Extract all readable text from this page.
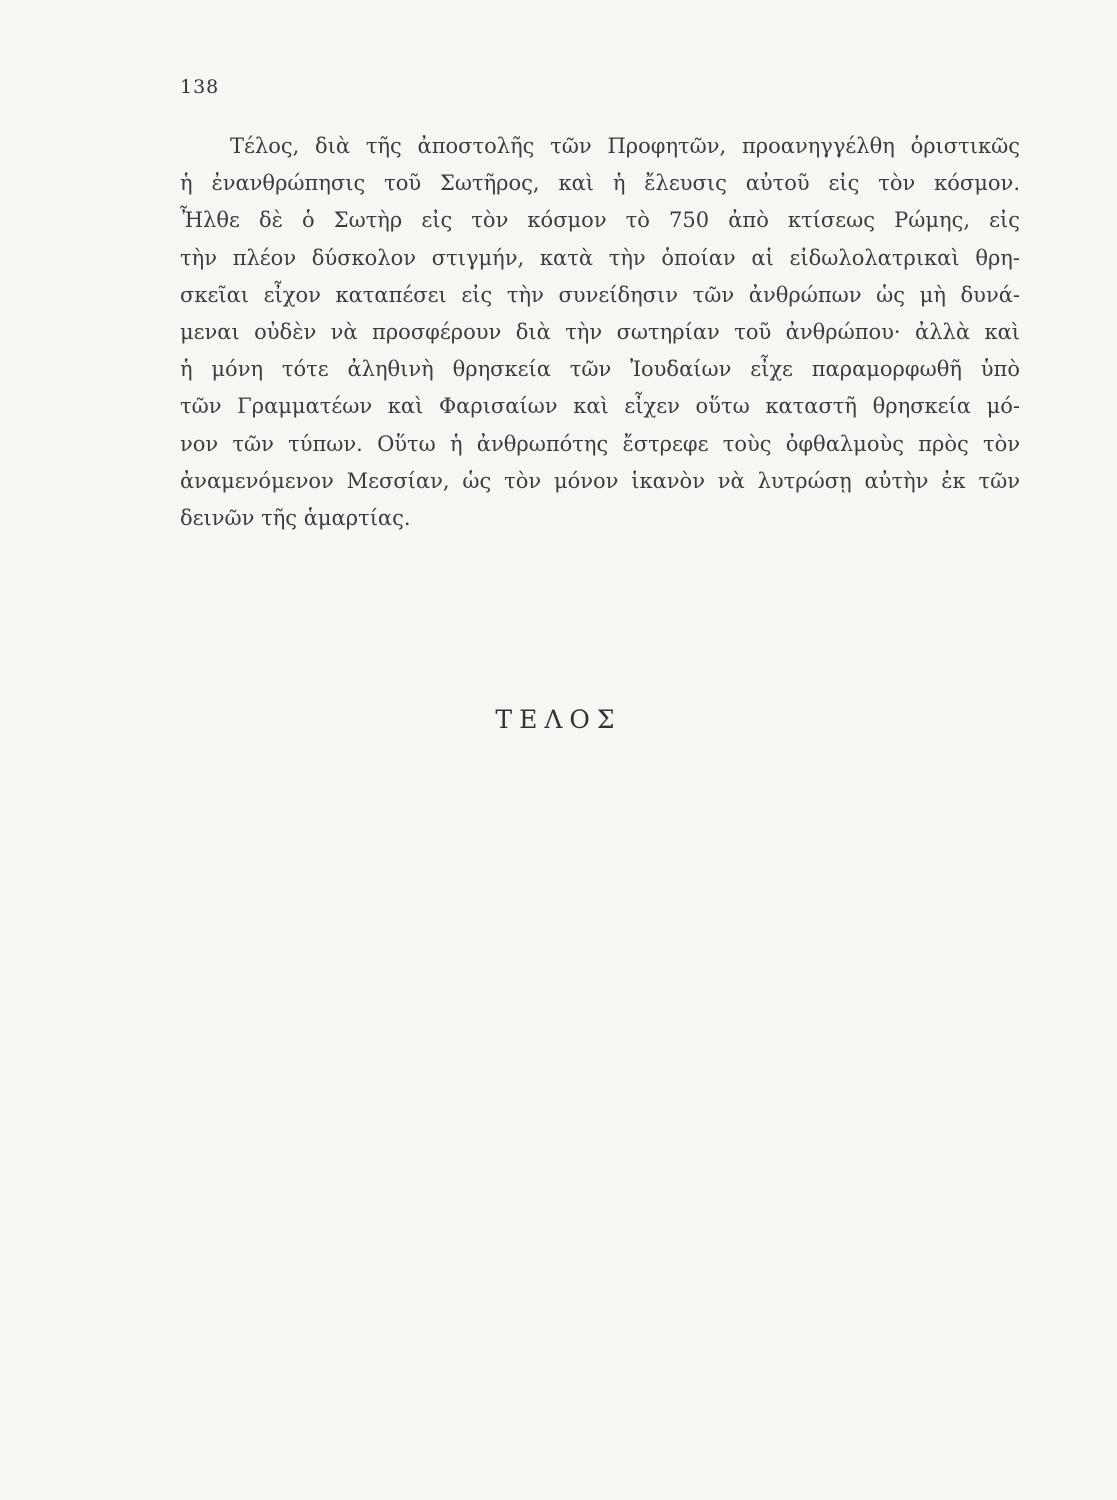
138
Τέλος, διὰ τῆς ἀποστολῆς τῶν Προφητῶν, προανηγγέλθη ὁριστικῶς
ἡ ἐνανθρώπησις τοῦ Σωτῆρος, καὶ ἡ ἔλευσις αὐτοῦ εἰς τὸν κόσμον.
Ἦλθε δὲ ὁ Σωτὴρ εἰς τὸν κόσμον τὸ 750 ἀπὸ κτίσεως Ρώμης, εἰς
τὴν πλέον δύσκολον στιγμήν, κατὰ τὴν ὁποίαν αἱ εἰδωλολατρικαὶ θρη-
σκεῖαι εἶχον καταπέσει εἰς τὴν συνείδησιν τῶν ἀνθρώπων ὡς μὴ δυνά-
μεναι οὐδὲν νὰ προσφέρουν διὰ τὴν σωτηρίαν τοῦ ἀνθρώπου· ἀλλὰ καὶ
ἡ μόνη τότε ἀληθινὴ θρησκεία τῶν Ἰουδαίων εἶχε παραμορφωθῆ ὑπὸ
τῶν Γραμματέων καὶ Φαρισαίων καὶ εἶχεν οὕτω καταστῆ θρησκεία μό-
νον τῶν τύπων. Οὕτω ἡ ἀνθρωπότης ἔστρεφε τοὺς ὀφθαλμοὺς πρὸς τὸν
ἀναμενόμενον Μεσσίαν, ὡς τὸν μόνον ἱκανὸν νὰ λυτρώσῃ αὐτὴν ἐκ τῶν
δεινῶν τῆς ἁμαρτίας.
ΤΕΛΟΣ
